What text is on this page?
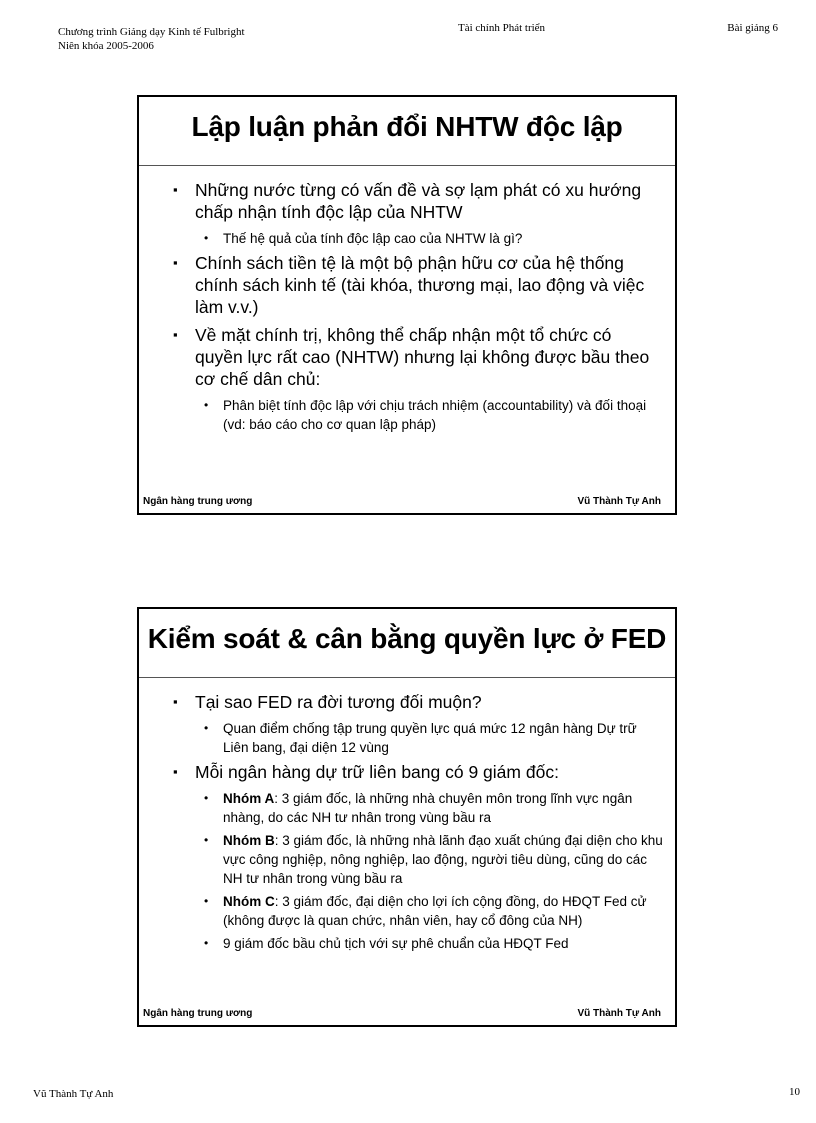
Chương trình Giảng dạy Kinh tế Fulbright
Niên khóa 2005-2006
Tài chính Phát triển	Bài giảng 6
Lập luận phản đổi NHTW độc lập
▪ Những nước từng có vấn đề và sợ lạm phát có xu hướng chấp nhận tính độc lập của NHTW
• Thế hệ quả của tính độc lập cao của NHTW là gì?
▪ Chính sách tiền tệ là một bộ phận hữu cơ của hệ thống chính sách kinh tế (tài khóa, thương mại, lao động và việc làm v.v.)
▪ Về mặt chính trị, không thể chấp nhận một tổ chức có quyền lực rất cao (NHTW) nhưng lại không được bầu theo cơ chế dân chủ:
• Phân biệt tính độc lập với chịu trách nhiệm (accountability) và đối thoại (vd: báo cáo cho cơ quan lập pháp)
Ngân hàng trung ương	Vũ Thành Tự Anh
Kiểm soát & cân bằng quyền lực ở FED
▪ Tại sao FED ra đời tương đối muộn?
• Quan điểm chống tập trung quyền lực quá mức 12 ngân hàng Dự trữ Liên bang, đại diện 12 vùng
▪ Mỗi ngân hàng dự trữ liên bang có 9 giám đốc:
• Nhóm A: 3 giám đốc, là những nhà chuyên môn trong lĩnh vực ngân nhàng, do các NH tư nhân trong vùng bầu ra
• Nhóm B: 3 giám đốc, là những nhà lãnh đạo xuất chúng đại diện cho khu vực công nghiệp, nông nghiệp, lao động, người tiêu dùng, cũng do các NH tư nhân trong vùng bầu ra
• Nhóm C: 3 giám đốc, đại diện cho lợi ích cộng đồng, do HĐQT Fed cử (không được là quan chức, nhân viên, hay cổ đông của NH)
• 9 giám đốc bầu chủ tịch với sự phê chuẩn của HĐQT Fed
Ngân hàng trung ương	Vũ Thành Tự Anh
Vũ Thành Tự Anh	10
